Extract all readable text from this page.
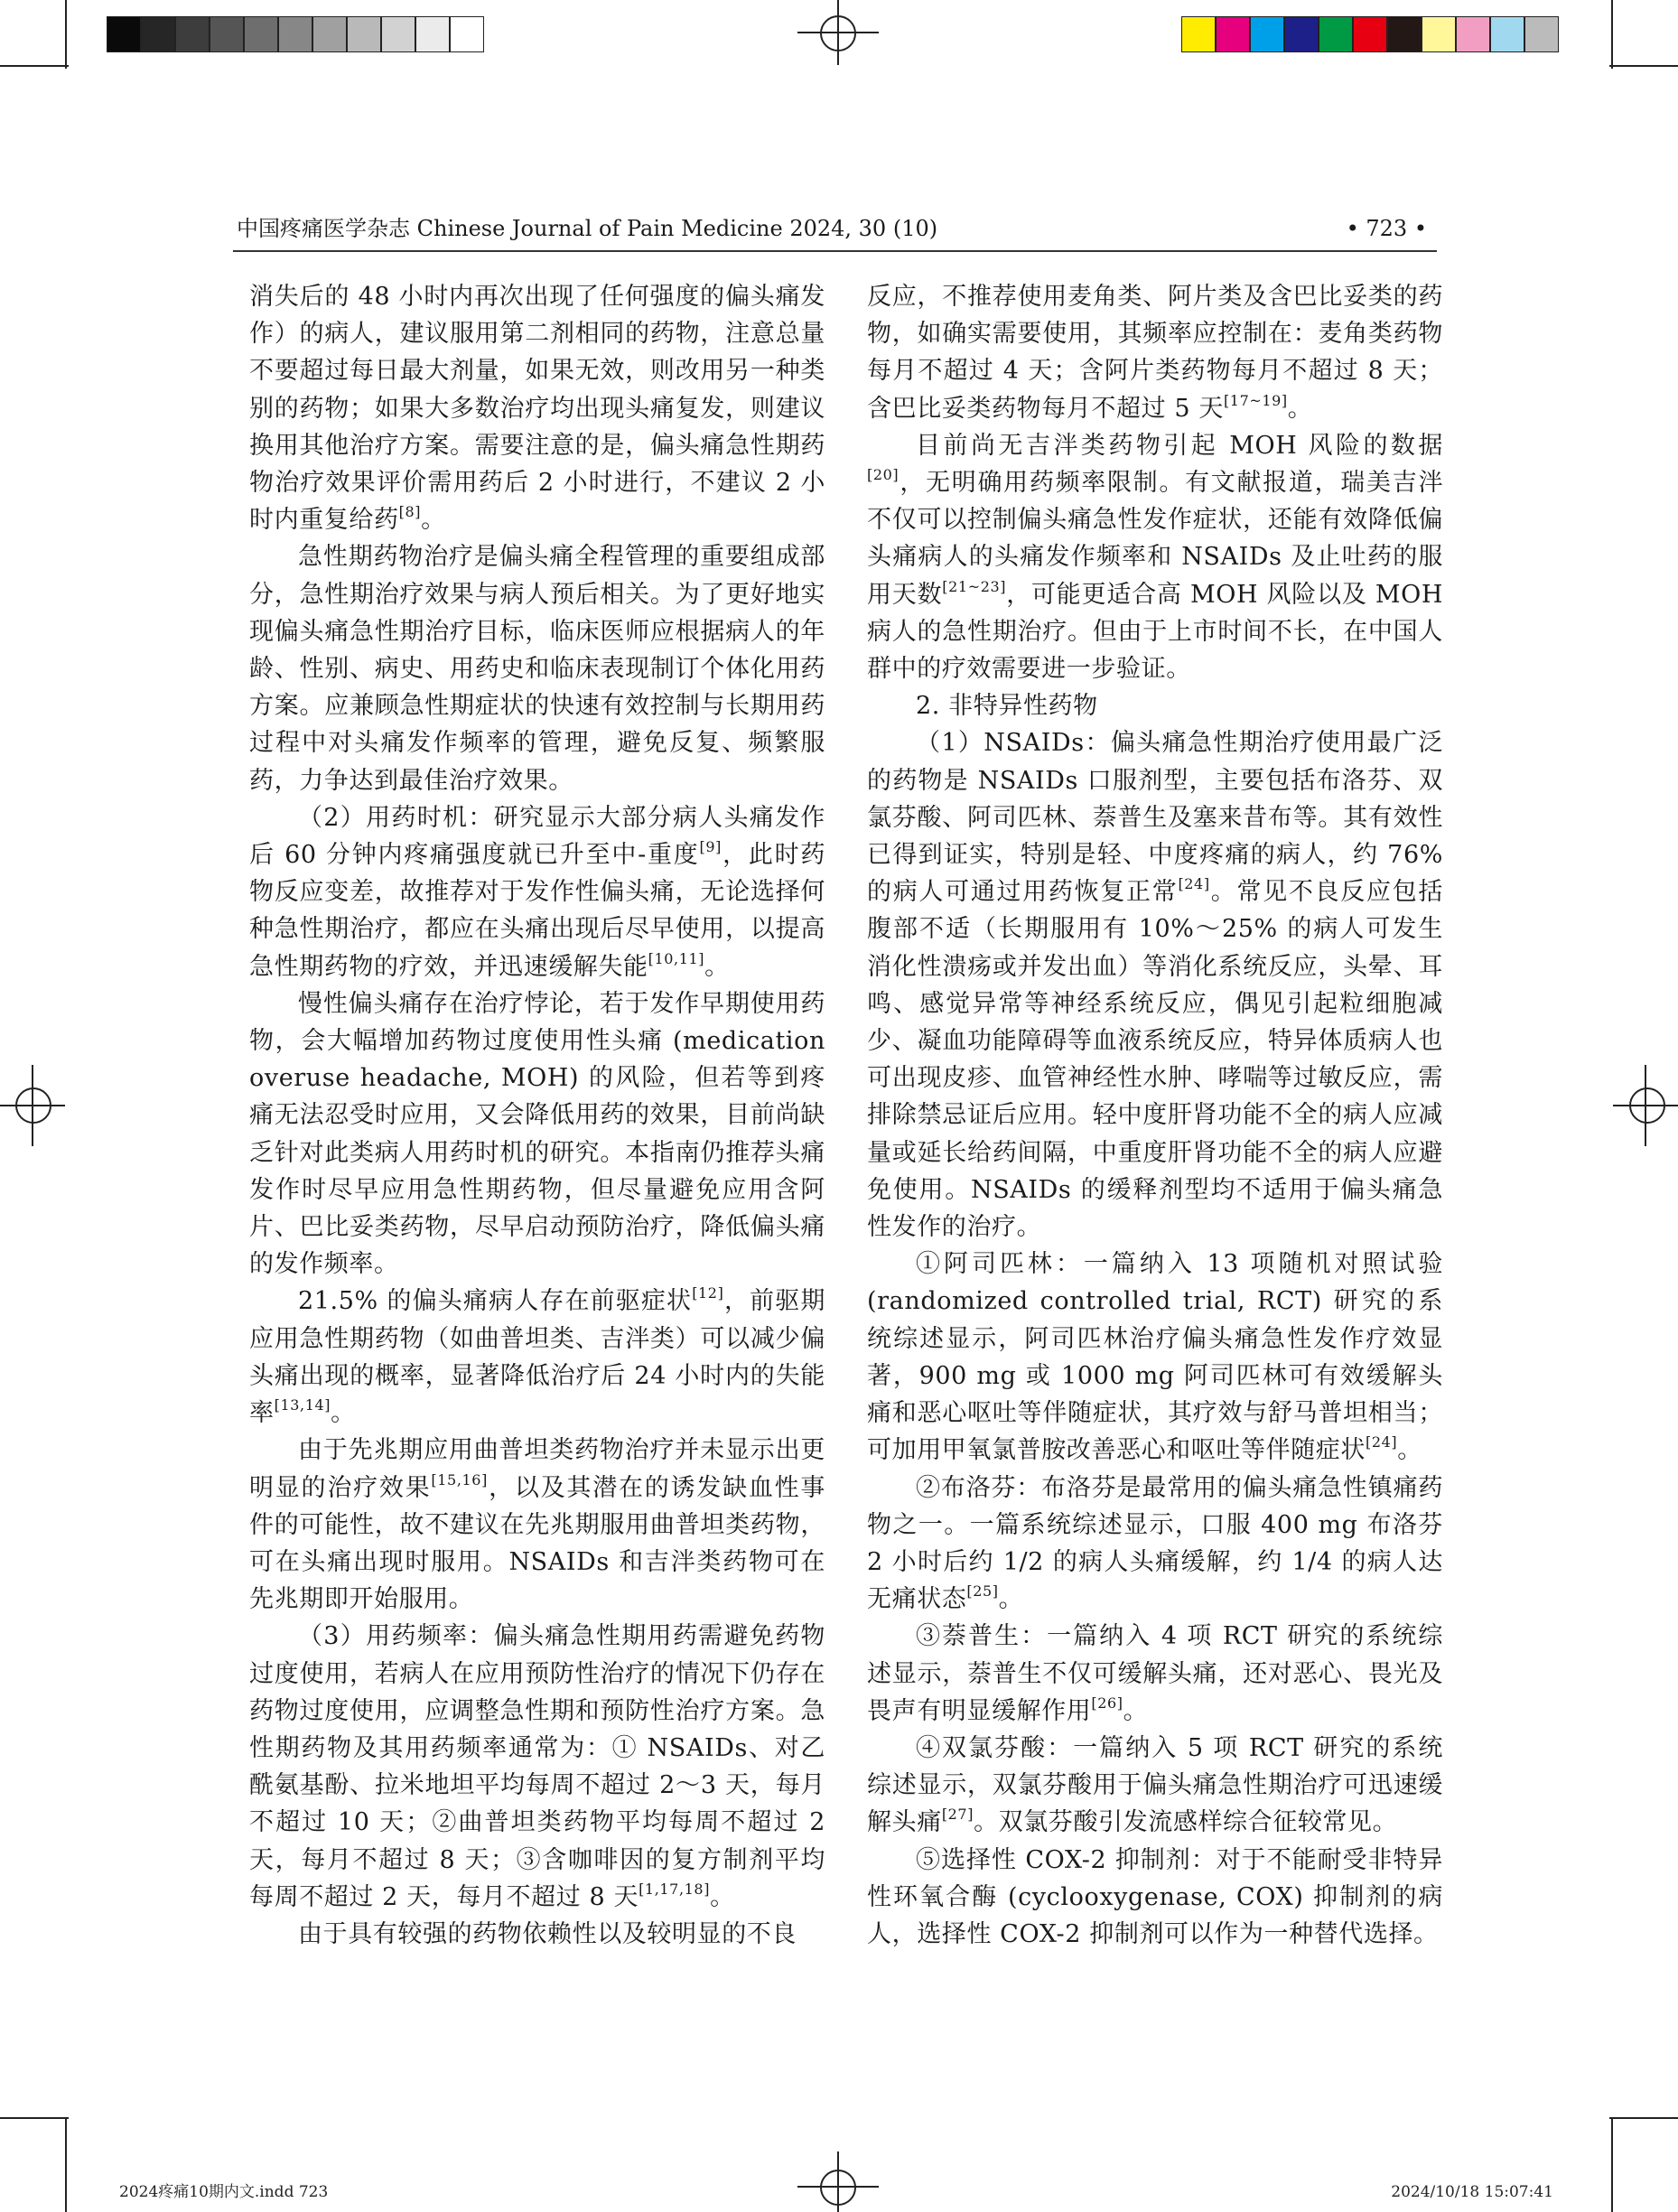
中国疼痛医学杂志 Chinese Journal of Pain Medicine 2024, 30 (10)	• 723 •

消失后的 48 小时内再次出现了任何强度的偏头痛发作）的病人，建议服用第二剂相同的药物，注意总量不要超过每日最大剂量，如果无效，则改用另一种类别的药物；如果大多数治疗均出现头痛复发，则建议换用其他治疗方案。需要注意的是，偏头痛急性期药物治疗效果评价需用药后 2 小时进行，不建议 2 小时内重复给药[8]。

急性期药物治疗是偏头痛全程管理的重要组成部分，急性期治疗效果与病人预后相关。为了更好地实现偏头痛急性期治疗目标，临床医师应根据病人的年龄、性别、病史、用药史和临床表现制订个体化用药方案。应兼顾急性期症状的快速有效控制与长期用药过程中对头痛发作频率的管理，避免反复、频繁服药，力争达到最佳治疗效果。

（2）用药时机：研究显示大部分病人头痛发作后 60 分钟内疼痛强度就已升至中-重度[9]，此时药物反应变差，故推荐对于发作性偏头痛，无论选择何种急性期治疗，都应在头痛出现后尽早使用，以提高急性期药物的疗效，并迅速缓解失能[10,11]。

慢性偏头痛存在治疗悖论，若于发作早期使用药物，会大幅增加药物过度使用性头痛 (medication overuse headache, MOH) 的风险，但若等到疼痛无法忍受时应用，又会降低用药的效果，目前尚缺乏针对此类病人用药时机的研究。本指南仍推荐头痛发作时尽早应用急性期药物，但尽量避免应用含阿片、巴比妥类药物，尽早启动预防治疗，降低偏头痛的发作频率。

21.5% 的偏头痛病人存在前驱症状[12]，前驱期应用急性期药物（如曲普坦类、吉泮类）可以减少偏头痛出现的概率，显著降低治疗后 24 小时内的失能率[13,14]。

由于先兆期应用曲普坦类药物治疗并未显示出更明显的治疗效果[15,16]，以及其潜在的诱发缺血性事件的可能性，故不建议在先兆期服用曲普坦类药物，可在头痛出现时服用。NSAIDs 和吉泮类药物可在先兆期即开始服用。

（3）用药频率：偏头痛急性期用药需避免药物过度使用，若病人在应用预防性治疗的情况下仍存在药物过度使用，应调整急性期和预防性治疗方案。急性期药物及其用药频率通常为：① NSAIDs、对乙酰氨基酚、拉米地坦平均每周不超过 2～3 天，每月不超过 10 天；②曲普坦类药物平均每周不超过 2 天，每月不超过 8 天；③含咖啡因的复方制剂平均每周不超过 2 天，每月不超过 8 天[1,17,18]。

由于具有较强的药物依赖性以及较明显的不良

反应，不推荐使用麦角类、阿片类及含巴比妥类的药物，如确实需要使用，其频率应控制在：麦角类药物每月不超过 4 天；含阿片类药物每月不超过 8 天；含巴比妥类药物每月不超过 5 天[17~19]。

目前尚无吉泮类药物引起 MOH 风险的数据[20]，无明确用药频率限制。有文献报道，瑞美吉泮不仅可以控制偏头痛急性发作症状，还能有效降低偏头痛病人的头痛发作频率和 NSAIDs 及止吐药的服用天数[21~23]，可能更适合高 MOH 风险以及 MOH 病人的急性期治疗。但由于上市时间不长，在中国人群中的疗效需要进一步验证。

2. 非特异性药物

（1）NSAIDs：偏头痛急性期治疗使用最广泛的药物是 NSAIDs 口服剂型，主要包括布洛芬、双氯芬酸、阿司匹林、萘普生及塞来昔布等。其有效性已得到证实，特别是轻、中度疼痛的病人，约 76% 的病人可通过用药恢复正常[24]。常见不良反应包括腹部不适（长期服用有 10%～25% 的病人可发生消化性溃疡或并发出血）等消化系统反应，头晕、耳鸣、感觉异常等神经系统反应，偶见引起粒细胞减少、凝血功能障碍等血液系统反应，特异体质病人也可出现皮疹、血管神经性水肿、哮喘等过敏反应，需排除禁忌证后应用。轻中度肝肾功能不全的病人应减量或延长给药间隔，中重度肝肾功能不全的病人应避免使用。NSAIDs 的缓释剂型均不适用于偏头痛急性发作的治疗。

①阿司匹林：一篇纳入 13 项随机对照试验 (randomized controlled trial, RCT) 研究的系统综述显示，阿司匹林治疗偏头痛急性发作疗效显著，900 mg 或 1000 mg 阿司匹林可有效缓解头痛和恶心呕吐等伴随症状，其疗效与舒马普坦相当；可加用甲氧氯普胺改善恶心和呕吐等伴随症状[24]。

②布洛芬：布洛芬是最常用的偏头痛急性镇痛药物之一。一篇系统综述显示，口服 400 mg 布洛芬 2 小时后约 1/2 的病人头痛缓解，约 1/4 的病人达无痛状态[25]。

③萘普生：一篇纳入 4 项 RCT 研究的系统综述显示，萘普生不仅可缓解头痛，还对恶心、畏光及畏声有明显缓解作用[26]。

④双氯芬酸：一篇纳入 5 项 RCT 研究的系统综述显示，双氯芬酸用于偏头痛急性期治疗可迅速缓解头痛[27]。双氯芬酸引发流感样综合征较常见。

⑤选择性 COX-2 抑制剂：对于不能耐受非特异性环氧合酶 (cyclooxygenase, COX) 抑制剂的病人，选择性 COX-2 抑制剂可以作为一种替代选择。

2024疼痛10期内文.indd 723	2024/10/18 15:07:41
